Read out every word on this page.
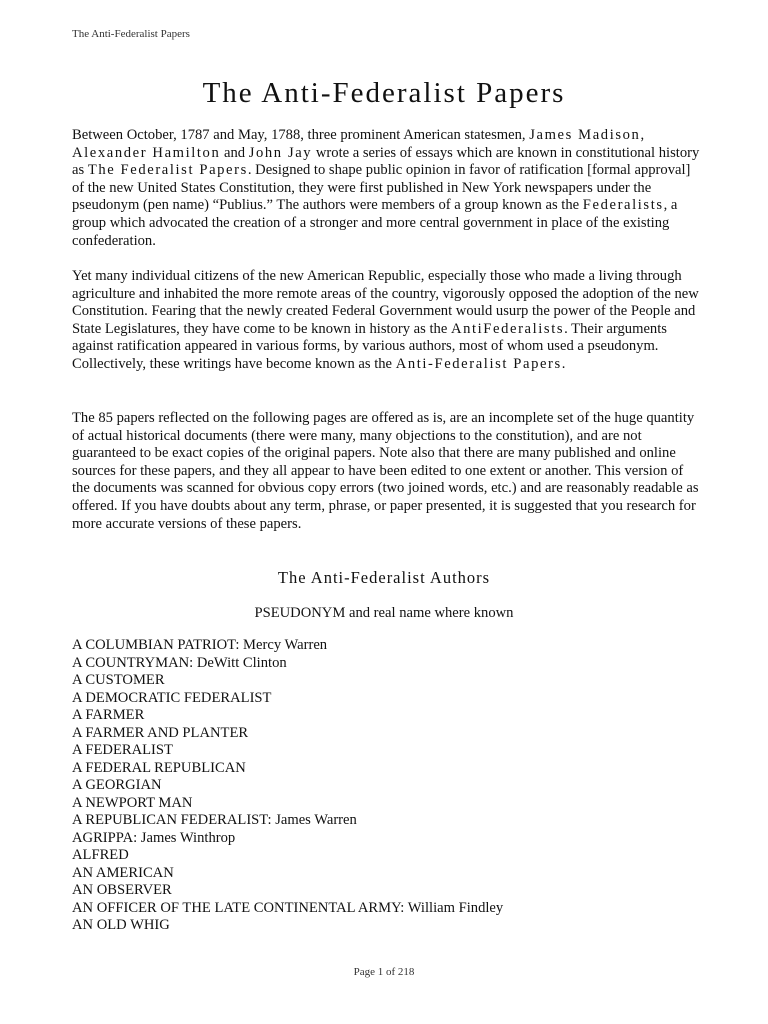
The Anti-Federalist Papers
The Anti-Federalist Papers

Between October, 1787 and May, 1788, three prominent American statesmen, James Madison, Alexander Hamilton and John Jay wrote a series of essays which are known in constitutional history as The Federalist Papers. Designed to shape public opinion in favor of ratification [formal approval] of the new United States Constitution, they were first published in New York newspapers under the pseudonym (pen name) “Publius.” The authors were members of a group known as the Federalists, a group which advocated the creation of a stronger and more central government in place of the existing confederation.

Yet many individual citizens of the new American Republic, especially those who made a living through agriculture and inhabited the more remote areas of the country, vigorously opposed the adoption of the new Constitution. Fearing that the newly created Federal Government would usurp the power of the People and State Legislatures, they have come to be known in history as the AntiFederalists. Their arguments against ratification appeared in various forms, by various authors, most of whom used a pseudonym. Collectively, these writings have become known as the Anti-Federalist Papers.

The 85 papers reflected on the following pages are offered as is, are an incomplete set of the huge quantity of actual historical documents (there were many, many objections to the constitution), and are not guaranteed to be exact copies of the original papers. Note also that there are many published and online sources for these papers, and they all appear to have been edited to one extent or another. This version of the documents was scanned for obvious copy errors (two joined words, etc.) and are reasonably readable as offered. If you have doubts about any term, phrase, or paper presented, it is suggested that you research for more accurate versions of these papers.

The Anti-Federalist Authors
PSEUDONYM and real name where known
A COLUMBIAN PATRIOT: Mercy Warren
A COUNTRYMAN: DeWitt Clinton
A CUSTOMER
A DEMOCRATIC FEDERALIST
A FARMER
A FARMER AND PLANTER
A FEDERALIST
A FEDERAL REPUBLICAN
A GEORGIAN
A NEWPORT MAN
A REPUBLICAN FEDERALIST: James Warren
AGRIPPA: James Winthrop
ALFRED
AN AMERICAN
AN OBSERVER
AN OFFICER OF THE LATE CONTINENTAL ARMY: William Findley
AN OLD WHIG
Page 1 of 218
